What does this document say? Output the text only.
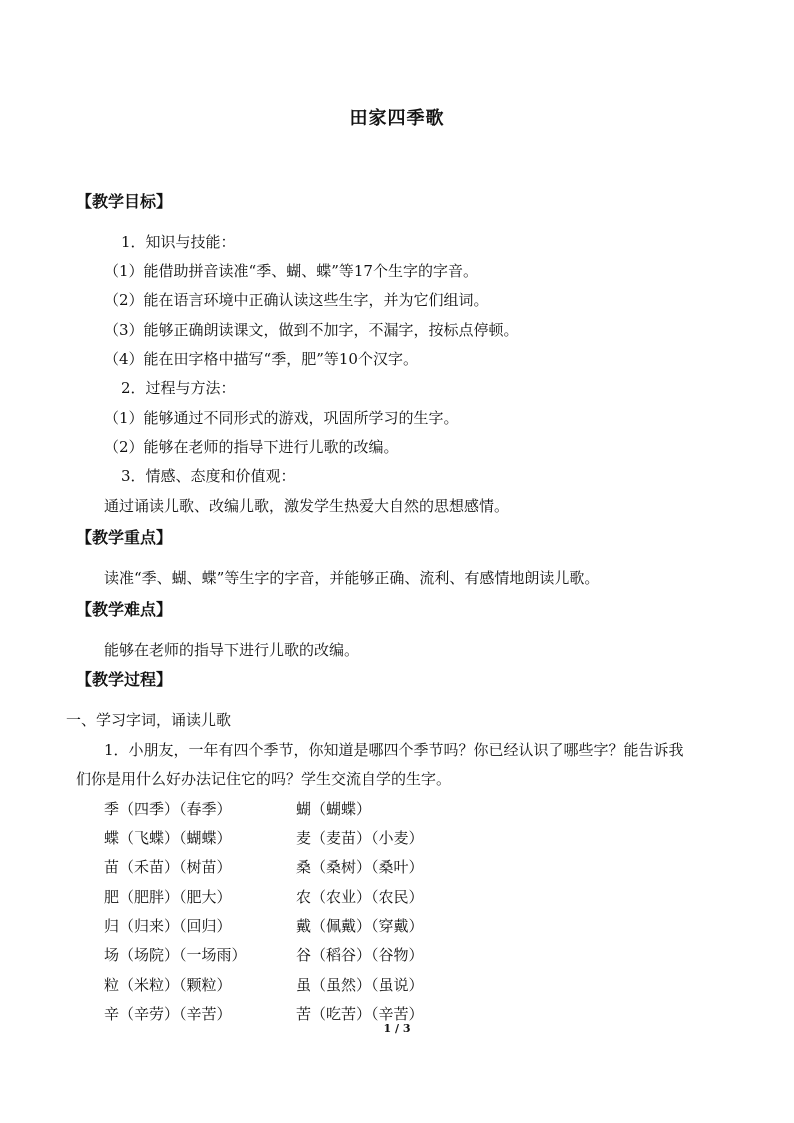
田家四季歌
【教学目标】
1．知识与技能：
（1）能借助拼音读准“季、蝴、蝶”等17个生字的字音。
（2）能在语言环境中正确认读这些生字，并为它们组词。
（3）能够正确朗读课文，做到不加字，不漏字，按标点停顿。
（4）能在田字格中描写“季，肥”等10个汉字。
2．过程与方法：
（1）能够通过不同形式的游戏，巩固所学习的生字。
（2）能够在老师的指导下进行儿歌的改编。
3．情感、态度和价值观：
通过诵读儿歌、改编儿歌，激发学生热爱大自然的思想感情。
【教学重点】
读准“季、蝴、蝶”等生字的字音，并能够正确、流利、有感情地朗读儿歌。
【教学难点】
能够在老师的指导下进行儿歌的改编。
【教学过程】
一、学习字词，诵读儿歌
1．小朋友，一年有四个季节，你知道是哪四个季节吗？你已经认识了哪些字？能告诉我
们你是用什么好办法记住它的吗？学生交流自学的生字。
季（四季）（春季）	蝴（蝴蝶）
蝶（飞蝶）（蝴蝶）	麦（麦苗）（小麦）
苗（禾苗）（树苗）	桑（桑树）（桑叶）
肥（肥胖）（肥大）	农（农业）（农民）
归（归来）（回归）	戴（佩戴）（穿戴）
场（场院）（一场雨）	谷（稻谷）（谷物）
粒（米粒）（颗粒）	虽（虽然）（虽说）
辛（辛劳）（辛苦）	苦（吃苦）（辛苦）
1 / 3
